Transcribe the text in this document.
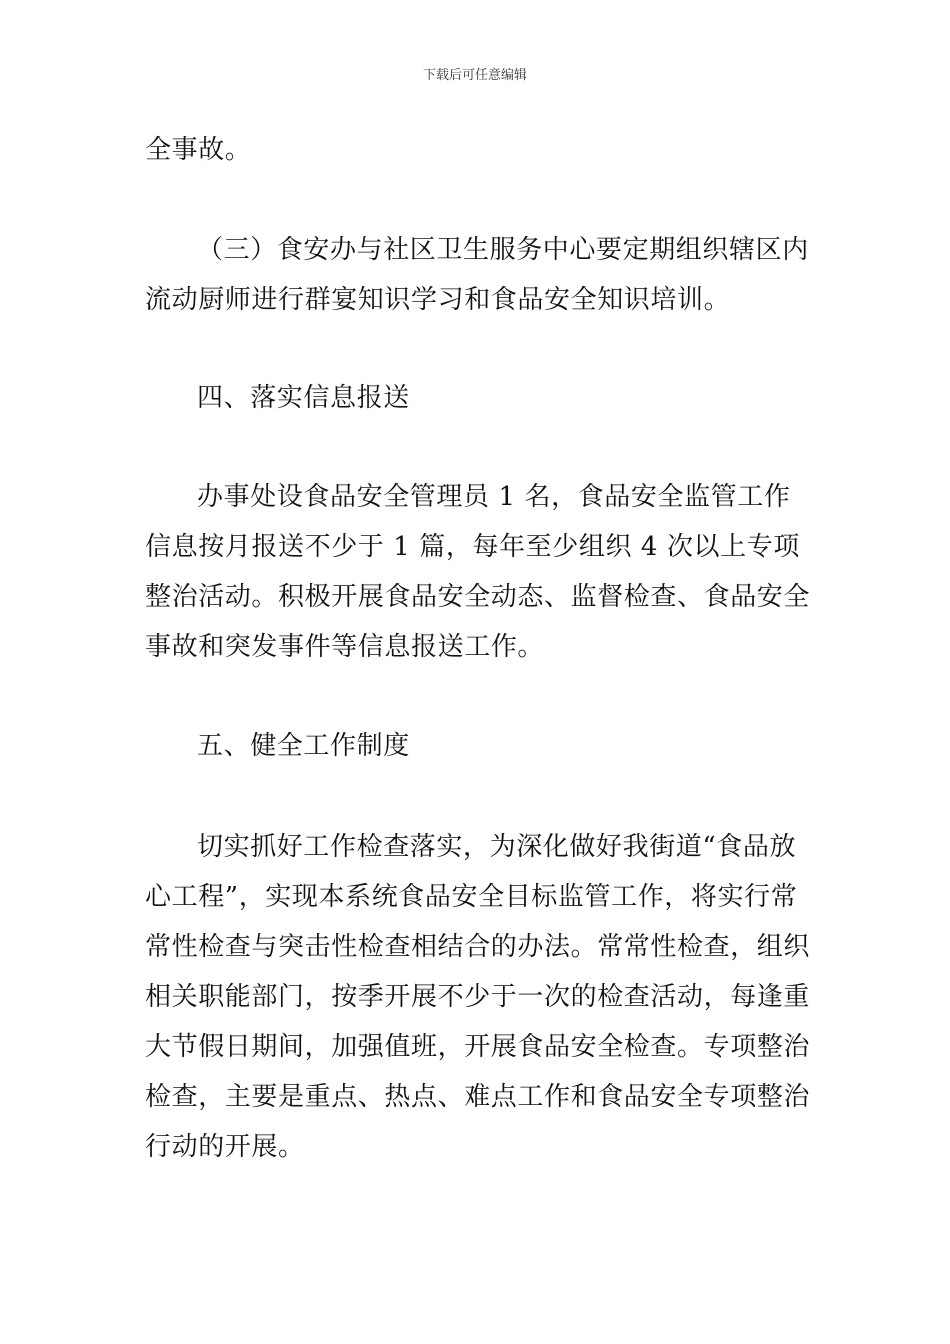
下载后可任意编辑

全事故。

（三）食安办与社区卫生服务中心要定期组织辖区内流动厨师进行群宴知识学习和食品安全知识培训。

四、落实信息报送

办事处设食品安全管理员 1 名，食品安全监管工作信息按月报送不少于 1 篇，每年至少组织 4 次以上专项整治活动。积极开展食品安全动态、监督检查、食品安全事故和突发事件等信息报送工作。

五、健全工作制度

切实抓好工作检查落实，为深化做好我街道“食品放心工程”，实现本系统食品安全目标监管工作，将实行常常性检查与突击性检查相结合的办法。常常性检查，组织相关职能部门，按季开展不少于一次的检查活动，每逢重大节假日期间，加强值班，开展食品安全检查。专项整治检查，主要是重点、热点、难点工作和食品安全专项整治行动的开展。
